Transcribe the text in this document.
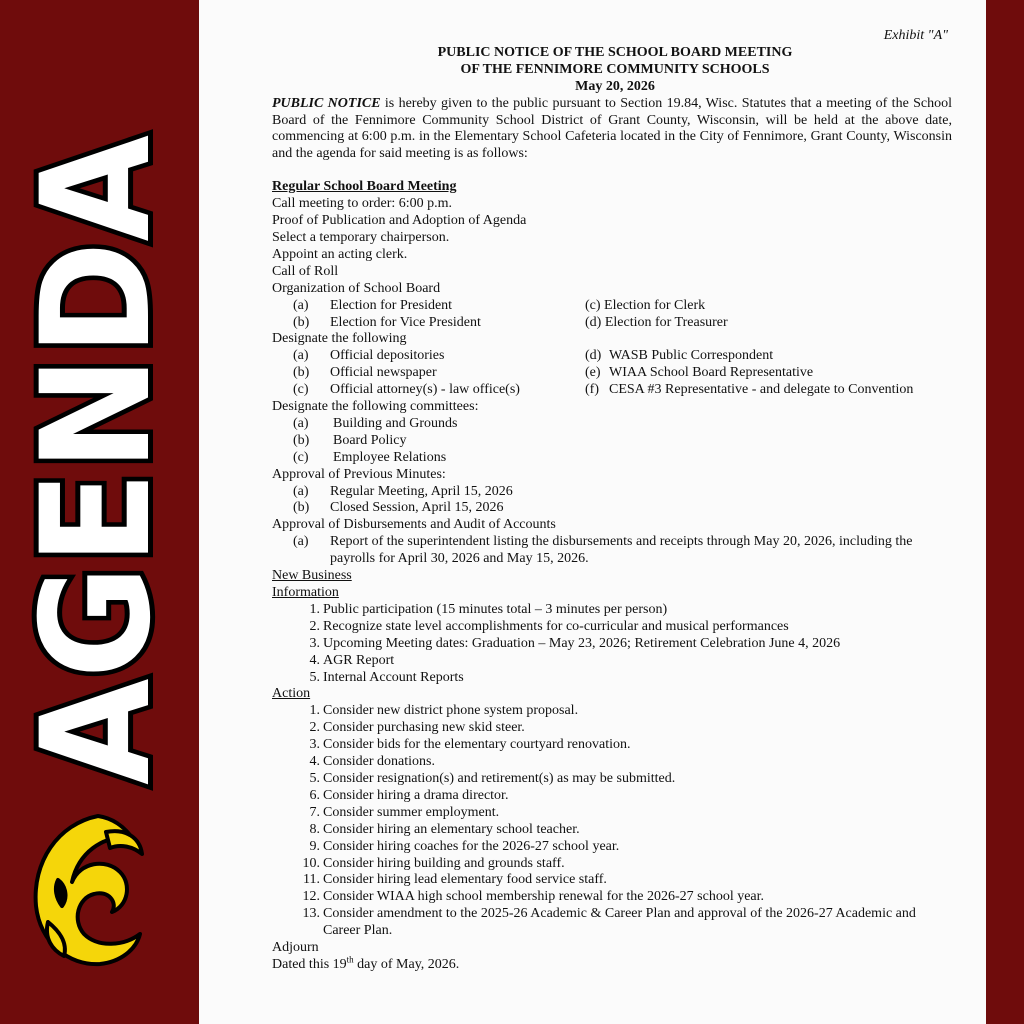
AGENDA
Exhibit "A"
PUBLIC NOTICE OF THE SCHOOL BOARD MEETING
OF THE FENNIMORE COMMUNITY SCHOOLS
May 20, 2026
PUBLIC NOTICE is hereby given to the public pursuant to Section 19.84, Wisc. Statutes that a meeting of the School Board of the Fennimore Community School District of Grant County, Wisconsin, will be held at the above date, commencing at 6:00 p.m. in the Elementary School Cafeteria located in the City of Fennimore, Grant County, Wisconsin and the agenda for said meeting is as follows:
Regular School Board Meeting
Call meeting to order: 6:00 p.m.
Proof of Publication and Adoption of Agenda
Select a temporary chairperson.
Appoint an acting clerk.
Call of Roll
Organization of School Board
(a)	Election for President	(c) Election for Clerk
(b)	Election for Vice President	(d) Election for Treasurer
Designate the following
(a)	Official depositories	(d) WASB Public Correspondent
(b)	Official newspaper	(e) WIAA School Board Representative
(c)	Official attorney(s) - law office(s)	(f) CESA #3 Representative - and delegate to Convention
Designate the following committees:
(a)	Building and Grounds
(b)	Board Policy
(c)	Employee Relations
Approval of Previous Minutes:
(a)	Regular Meeting, April 15, 2026
(b)	Closed Session, April 15, 2026
Approval of Disbursements and Audit of Accounts
(a)	Report of the superintendent listing the disbursements and receipts through May 20, 2026, including the payrolls for April 30, 2026 and May 15, 2026.
New Business
Information
1. Public participation (15 minutes total – 3 minutes per person)
2. Recognize state level accomplishments for co-curricular and musical performances
3. Upcoming Meeting dates: Graduation – May 23, 2026; Retirement Celebration June 4, 2026
4. AGR Report
5. Internal Account Reports
Action
1. Consider new district phone system proposal.
2. Consider purchasing new skid steer.
3. Consider bids for the elementary courtyard renovation.
4. Consider donations.
5. Consider resignation(s) and retirement(s) as may be submitted.
6. Consider hiring a drama director.
7. Consider summer employment.
8. Consider hiring an elementary school teacher.
9. Consider hiring coaches for the 2026-27 school year.
10. Consider hiring building and grounds staff.
11. Consider hiring lead elementary food service staff.
12. Consider WIAA high school membership renewal for the 2026-27 school year.
13. Consider amendment to the 2025-26 Academic & Career Plan and approval of the 2026-27 Academic and Career Plan.
Adjourn
Dated this 19th day of May, 2026.
